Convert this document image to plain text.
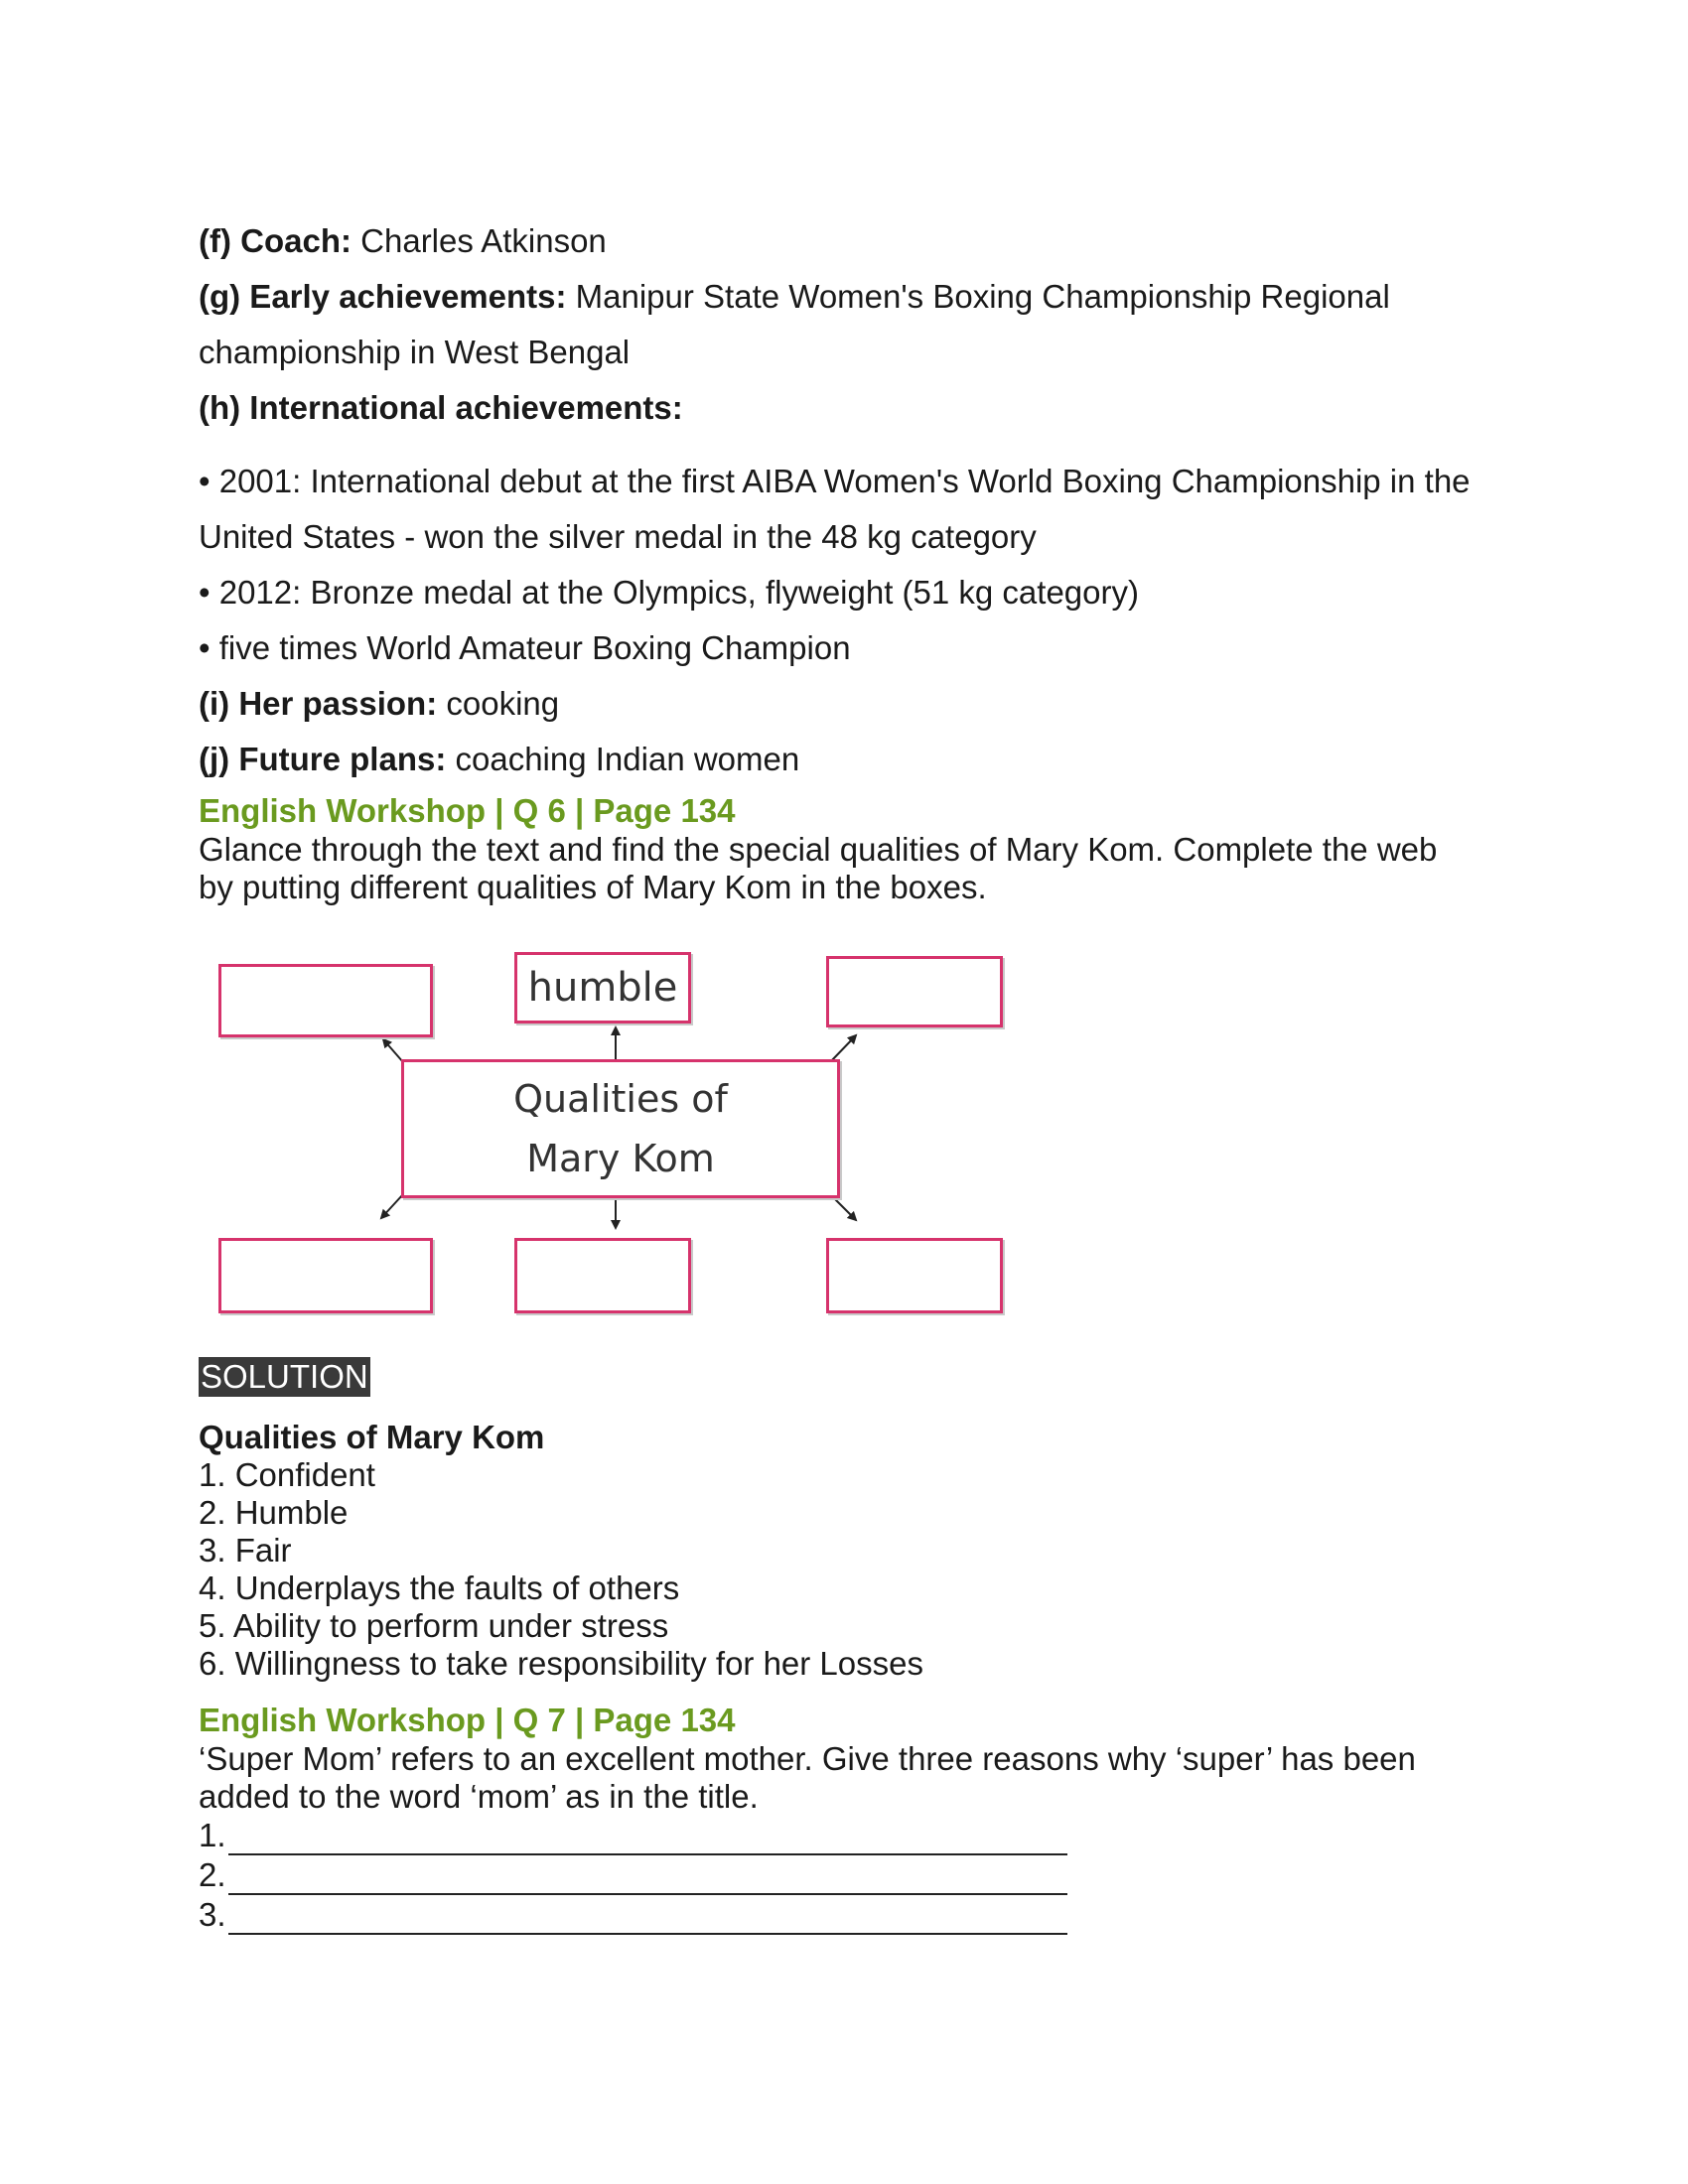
(f) Coach: Charles Atkinson
(g) Early achievements: Manipur State Women's Boxing Championship Regional
championship in West Bengal
(h) International achievements:
• 2001: International debut at the first AIBA Women's World Boxing Championship in the
United States - won the silver medal in the 48 kg category
• 2012: Bronze medal at the Olympics, flyweight (51 kg category)
• five times World Amateur Boxing Champion
(i) Her passion: cooking
(j) Future plans: coaching Indian women
English Workshop | Q 6 | Page 134
Glance through the text and find the special qualities of Mary Kom. Complete the web
by putting different qualities of Mary Kom in the boxes.
humble
Qualities of
Mary Kom
SOLUTION
Qualities of Mary Kom
1. Confident
2. Humble
3. Fair
4. Underplays the faults of others
5. Ability to perform under stress
6. Willingness to take responsibility for her Losses
English Workshop | Q 7 | Page 134
‘Super Mom’ refers to an excellent mother. Give three reasons why ‘super’ has been
added to the word ‘mom’ as in the title.
1.
2.
3.
